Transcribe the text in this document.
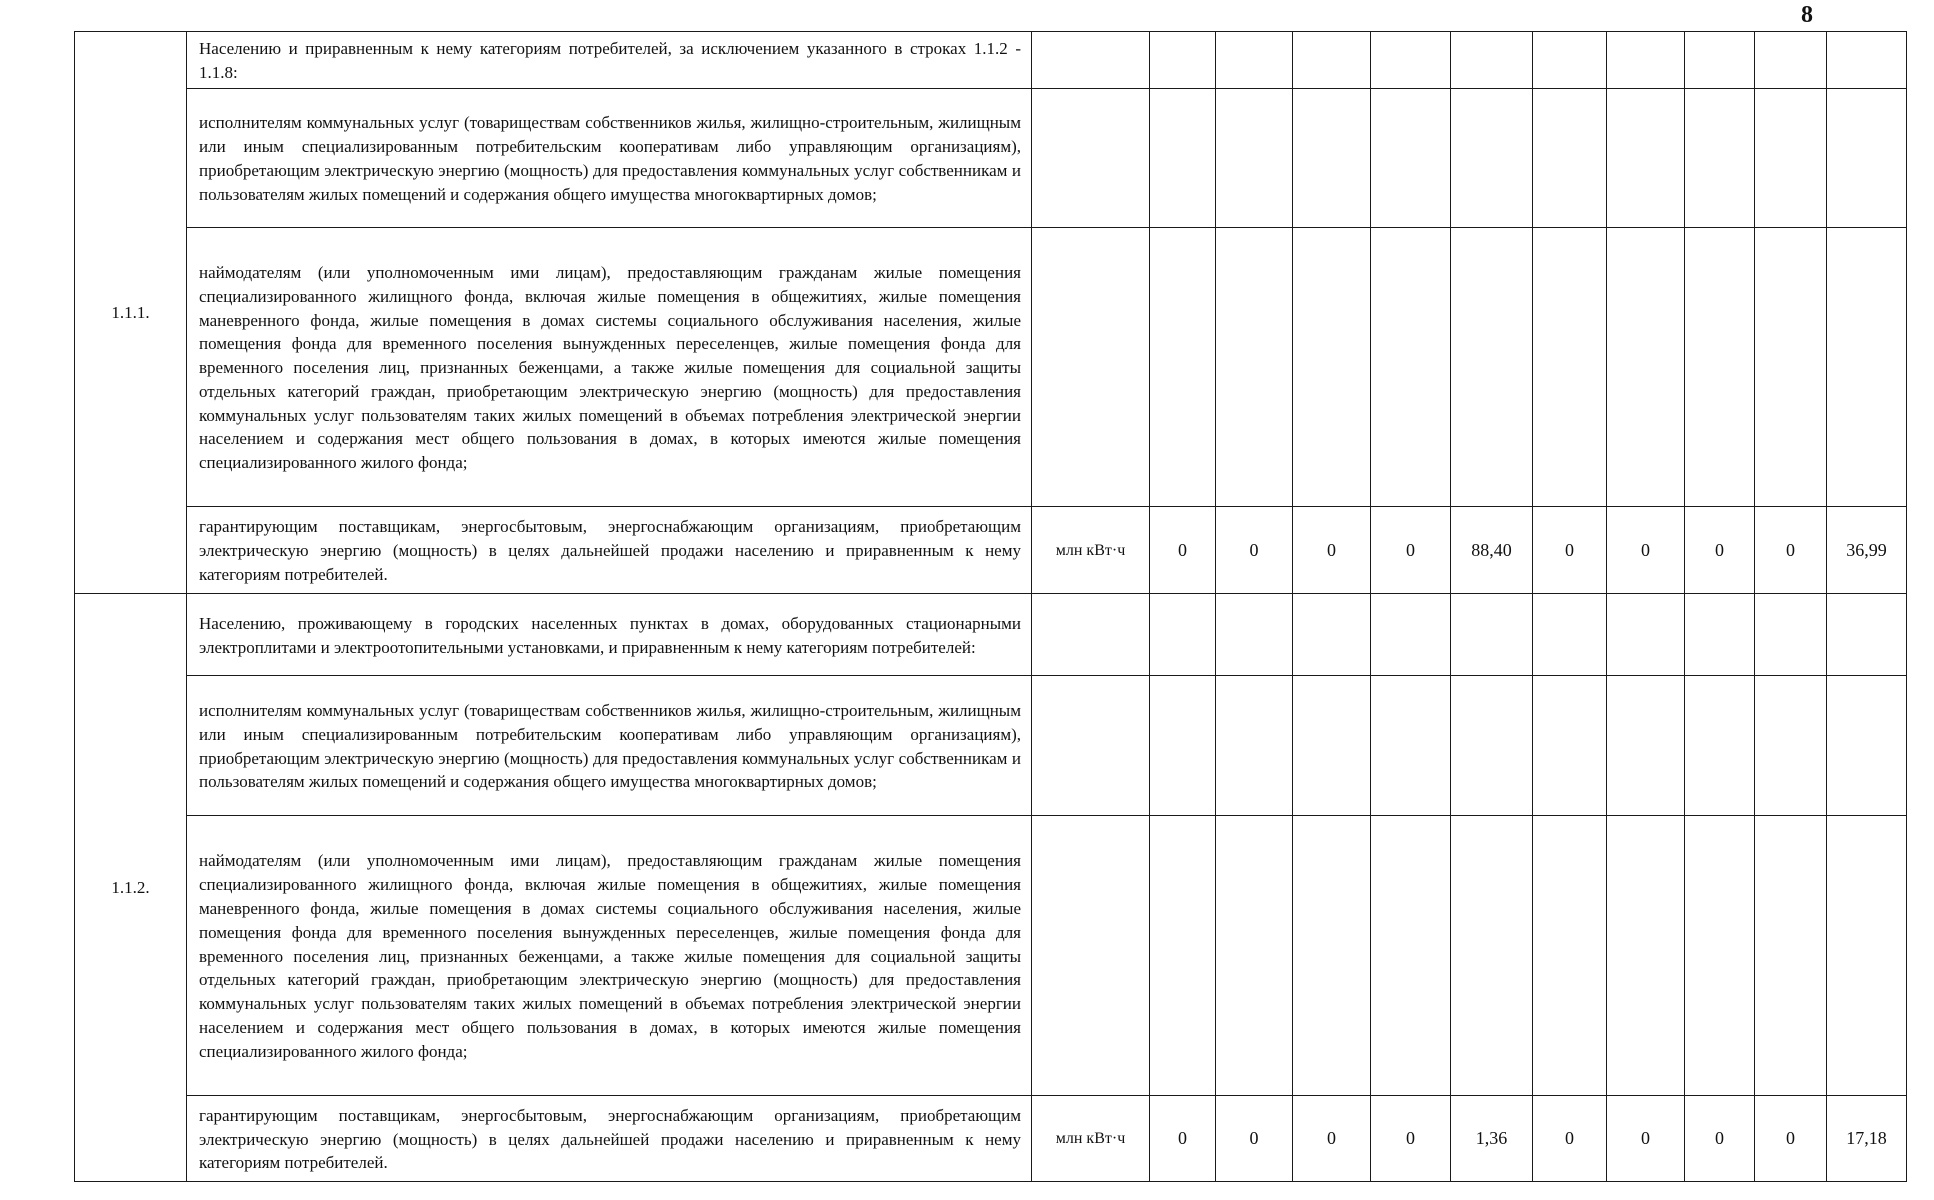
8
1.1.1.	Населению и приравненным к нему категориям потребителей, за исключением указанного в строках 1.1.2 - 1.1.8:											
	исполнителям коммунальных услуг (товариществам собственников жилья, жилищно-строительным, жилищным или иным специализированным потребительским кооперативам либо управляющим организациям), приобретающим электрическую энергию (мощность) для предоставления коммунальных услуг собственникам и пользователям жилых помещений и содержания общего имущества многоквартирных домов;											
	наймодателям (или уполномоченным ими лицам), предоставляющим гражданам жилые помещения специализированного жилищного фонда, включая жилые помещения в общежитиях, жилые помещения маневренного фонда, жилые помещения в домах системы социального обслуживания населения, жилые помещения фонда для временного поселения вынужденных переселенцев, жилые помещения фонда для временного поселения лиц, признанных беженцами, а также жилые помещения для социальной защиты отдельных категорий граждан, приобретающим электрическую энергию (мощность) для предоставления коммунальных услуг пользователям таких жилых помещений в объемах потребления электрической энергии населением и содержания мест общего пользования в домах, в которых имеются жилые помещения специализированного жилого фонда;											
	гарантирующим поставщикам, энергосбытовым, энергоснабжающим организациям, приобретающим электрическую энергию (мощность) в целях дальнейшей продажи населению и приравненным к нему категориям потребителей.	млн кВт·ч	0	0	0	0	88,40	0	0	0	0	36,99
1.1.2.	Населению, проживающему в городских населенных пунктах в домах, оборудованных стационарными электроплитами и электроотопительными установками, и приравненным к нему категориям потребителей:											
	исполнителям коммунальных услуг (товариществам собственников жилья, жилищно-строительным, жилищным или иным специализированным потребительским кооперативам либо управляющим организациям), приобретающим электрическую энергию (мощность) для предоставления коммунальных услуг собственникам и пользователям жилых помещений и содержания общего имущества многоквартирных домов;											
	наймодателям (или уполномоченным ими лицам), предоставляющим гражданам жилые помещения специализированного жилищного фонда, включая жилые помещения в общежитиях, жилые помещения маневренного фонда, жилые помещения в домах системы социального обслуживания населения, жилые помещения фонда для временного поселения вынужденных переселенцев, жилые помещения фонда для временного поселения лиц, признанных беженцами, а также жилые помещения для социальной защиты отдельных категорий граждан, приобретающим электрическую энергию (мощность) для предоставления коммунальных услуг пользователям таких жилых помещений в объемах потребления электрической энергии населением и содержания мест общего пользования в домах, в которых имеются жилые помещения специализированного жилого фонда;											
	гарантирующим поставщикам, энергосбытовым, энергоснабжающим организациям, приобретающим электрическую энергию (мощность) в целях дальнейшей продажи населению и приравненным к нему категориям потребителей.	млн кВт·ч	0	0	0	0	1,36	0	0	0	0	17,18
